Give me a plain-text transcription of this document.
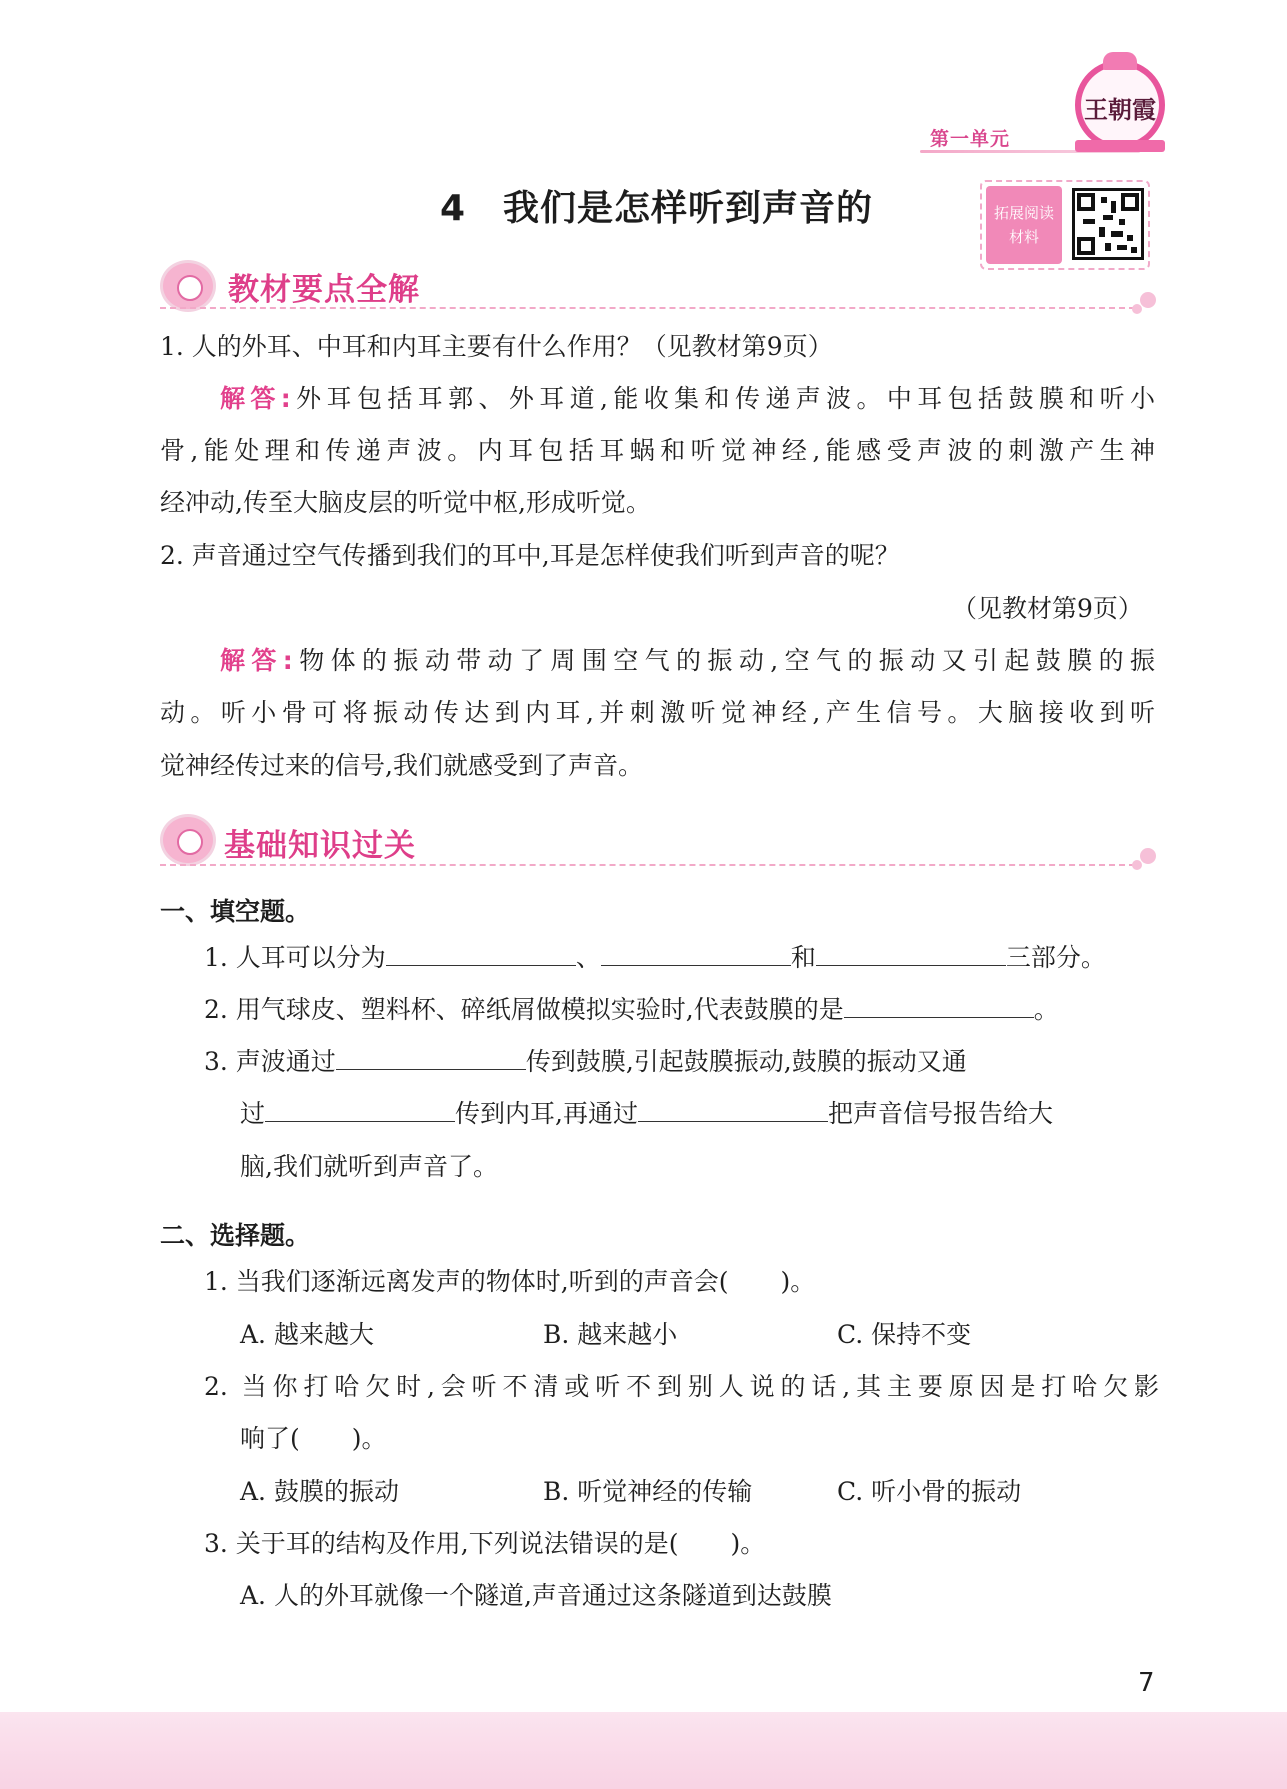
第一单元
王朝霞
4　我们是怎样听到声音的	拓展阅读
材料
教材要点全解
1. 人的外耳、中耳和内耳主要有什么作用？（见教材第9页）
解答:外耳包括耳郭、外耳道,能收集和传递声波。中耳包括鼓膜和听小
骨,能处理和传递声波。内耳包括耳蜗和听觉神经,能感受声波的刺激产生神
经冲动,传至大脑皮层的听觉中枢,形成听觉。
2. 声音通过空气传播到我们的耳中,耳是怎样使我们听到声音的呢？
（见教材第9页）
解答:物体的振动带动了周围空气的振动,空气的振动又引起鼓膜的振
动。听小骨可将振动传达到内耳,并刺激听觉神经,产生信号。大脑接收到听
觉神经传过来的信号,我们就感受到了声音。
基础知识过关
一、填空题。
1. 人耳可以分为	、	和	三部分。
2. 用气球皮、塑料杯、碎纸屑做模拟实验时,代表鼓膜的是	。
3. 声波通过	传到鼓膜,引起鼓膜振动,鼓膜的振动又通
过	传到内耳,再通过	把声音信号报告给大
脑,我们就听到声音了。
二、选择题。
1. 当我们逐渐远离发声的物体时,听到的声音会( )。
A. 越来越大	B. 越来越小	C. 保持不变
2. 当你打哈欠时,会听不清或听不到别人说的话,其主要原因是打哈欠影
响了( )。
A. 鼓膜的振动	B. 听觉神经的传输	C. 听小骨的振动
3. 关于耳的结构及作用,下列说法错误的是( )。
A. 人的外耳就像一个隧道,声音通过这条隧道到达鼓膜
7
